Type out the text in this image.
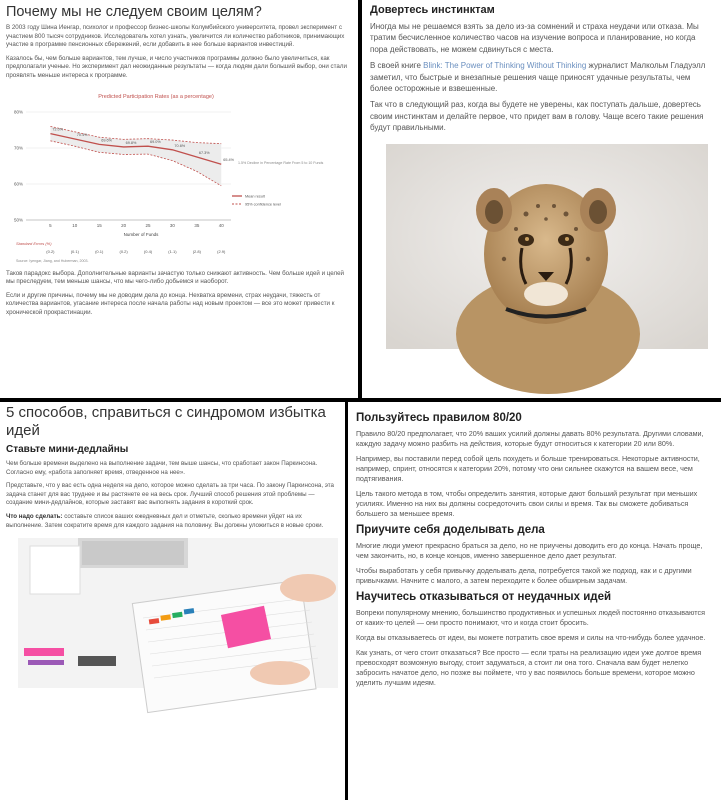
Почему мы не следуем своим целям?

В 2003 году Шина Иенгар, психолог и профессор бизнес-школы Колумбийского университета, провел эксперимент с участием 800 тысяч сотрудников. Исследователь хотел узнать, увеличится ли количество работников, принимающих участие в программе пенсионных сбережений, если добавить в нее больше вариантов инвестиций.

Казалось бы, чем больше вариантов, тем лучше, и число участников программы должно было увеличиться, как предполагали ученые. Но эксперимент дал неожиданные результаты — когда людям дали больший выбор, они стали проявлять меньше интереса к программе.

Predicted Participation Rates (as a percentage)
50%
60%
70%
80%
72.0%
70.4%
69.6%
69.8%	69.0%
70.6%
67.3%
65.4%
5	10	15	20	25	30	35	40
1.5% Decline in Percentage Rate From 5 to 10 Funds
Mean result
95% confidence level
Number of Funds
Standard Errors (%)
(0.2)	(0.1)	(0.1)	(0.2)	(0.4)	(1.1)	(2.8)	(2.9)
Source: Iyengar, Jiang, and Huberman, 2003.

Таков парадокс выбора. Дополнительные варианты зачастую только снижают активность. Чем больше идей и целей мы преследуем, тем меньше шансы, что мы чего-либо добьемся и наоборот.

Если и другие причины, почему мы не доводим дела до конца. Нехватка времени, страх неудачи, тяжесть от количества вариантов, угасание интереса после начала работы над новым проектом — все это может привести к хронической прокрастинации.

Довертесь инстинктам

Иногда мы не решаемся взять за дело из-за сомнений и страха неудачи или отказа. Мы тратим бесчисленное количество часов на изучение вопроса и планирование, но когда пора действовать, не можем сдвинуться с места.

В своей книге Blink: The Power of Thinking Without Thinking журналист Малкольм Гладуэлл заметил, что быстрые и внезапные решения чаще приносят удачные результаты, чем более осторожные и взвешенные.

Так что в следующий раз, когда вы будете не уверены, как поступать дальше, довертесь своим инстинктам и делайте первое, что придет вам в голову. Чаще всего такие решения будут правильными.

5 способов, справиться с синдромом избытка идей
Ставьте мини-дедлайны

Чем больше времени выделено на выполнение задачи, тем выше шансы, что сработает закон Паркинсона. Согласно ему, «работа заполняет время, отведенное на нее».

Представьте, что у вас есть одна неделя на дело, которое можно сделать за три часа. По закону Паркинсона, эта задача станет для вас труднее и вы растянете ее на весь срок. Лучший способ решения этой проблемы — создание мини-дедлайнов, которые заставят вас выполнять задания в короткий срок.

Что надо сделать: составьте список ваших ежедневных дел и отметьте, сколько времени уйдет на их выполнение. Затем сократите время для каждого задания на половину. Вы должны уложиться в новые сроки.

Пользуйтесь правилом 80/20

Правило 80/20 предполагает, что 20% ваших усилий должны давать 80% результата. Другими словами, каждую задачу можно разбить на действия, которые будут относиться к категории 20 или 80%.

Например, вы поставили перед собой цель похудеть и больше тренироваться. Некоторые активности, например, спринт, относятся к категории 20%, потому что они сильнее скажутся на вашем весе, чем подтягивания.

Цель такого метода в том, чтобы определить занятия, которые дают больший результат при меньших усилиях. Именно на них вы должны сосредоточить свои силы и время. Так вы сможете добиваться большего за меньшее время.

Приучите себя доделывать дела

Многие люди умеют прекрасно браться за дело, но не приучены доводить его до конца. Начать проще, чем закончить, но, в конце концов, именно завершенное дело дает результат.

Чтобы выработать у себя привычку доделывать дела, потребуется такой же подход, как и с другими привычками. Начните с малого, а затем переходите к более обширным задачам.

Научитесь отказываться от неудачных идей

Вопреки популярному мнению, большинство продуктивных и успешных людей постоянно отказываются от каких-то целей — они просто понимают, что и когда стоит бросить.

Когда вы отказываетесь от идеи, вы можете потратить свое время и силы на что-нибудь более удачное.

Как узнать, от чего стоит отказаться? Все просто — если траты на реализацию идеи уже долгое время превосходят возможную выгоду, стоит задуматься, а стоит ли она того. Сначала вам будет нелегко забросить начатое дело, но позже вы поймете, что у вас появилось больше времени, которое можно уделить лучшим идеям.
